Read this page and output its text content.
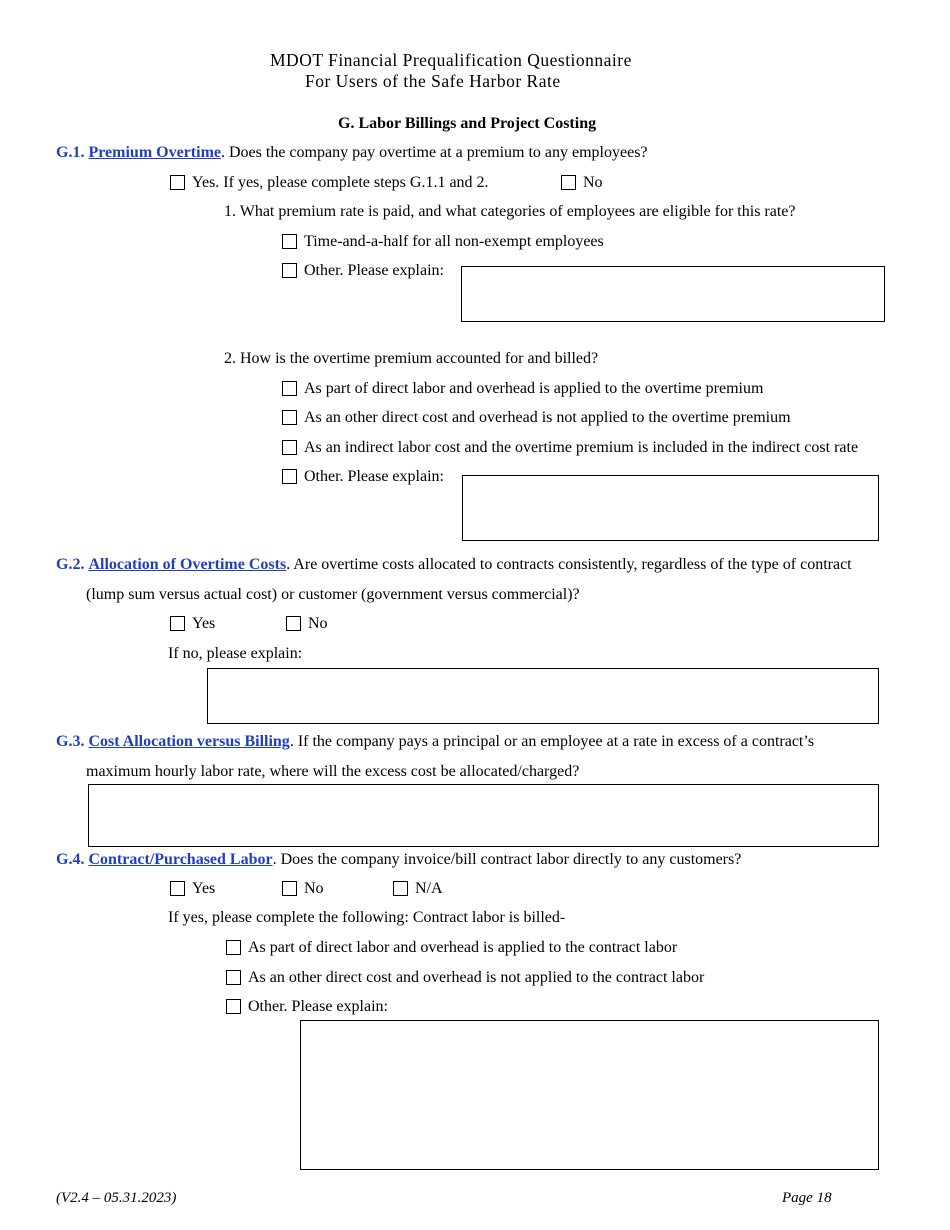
MDOT Financial Prequalification Questionnaire
For Users of the Safe Harbor Rate
G. Labor Billings and Project Costing
G.1. Premium Overtime. Does the company pay overtime at a premium to any employees?
Yes. If yes, please complete steps G.1.1 and 2.	No
1. What premium rate is paid, and what categories of employees are eligible for this rate?
Time-and-a-half for all non-exempt employees
Other. Please explain:
2. How is the overtime premium accounted for and billed?
As part of direct labor and overhead is applied to the overtime premium
As an other direct cost and overhead is not applied to the overtime premium
As an indirect labor cost and the overtime premium is included in the indirect cost rate
Other. Please explain:
G.2. Allocation of Overtime Costs. Are overtime costs allocated to contracts consistently, regardless of the type of contract
(lump sum versus actual cost) or customer (government versus commercial)?
Yes	No
If no, please explain:
G.3. Cost Allocation versus Billing. If the company pays a principal or an employee at a rate in excess of a contract’s
maximum hourly labor rate, where will the excess cost be allocated/charged?
G.4. Contract/Purchased Labor. Does the company invoice/bill contract labor directly to any customers?
Yes	No	N/A
If yes, please complete the following: Contract labor is billed-
As part of direct labor and overhead is applied to the contract labor
As an other direct cost and overhead is not applied to the contract labor
Other. Please explain:
(V2.4 – 05.31.2023)	Page 18
